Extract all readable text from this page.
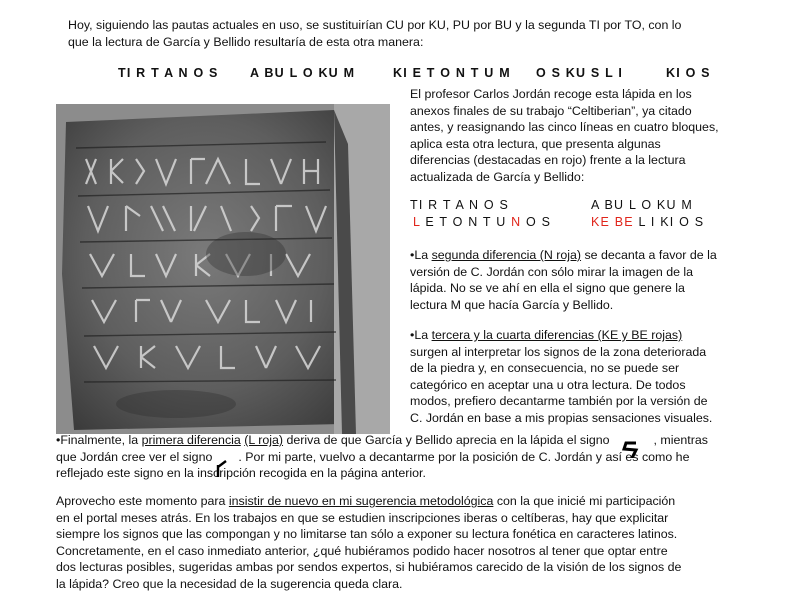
Hoy, siguiendo las pautas actuales en uso, se sustituirían CU por KU, PU por BU y la segunda TI por TO, con lo
que la lectura de García y Bellido resultaría de esta otra manera:
TI R T A N O S	A BU L O KU M	KI E T O N T U M O S KU S L I	KI O S
El profesor Carlos Jordán recoge esta lápida en los
anexos finales de su trabajo “Celtiberian”, ya citado
antes, y reasignando las cinco líneas en cuatro bloques,
aplica esta otra lectura, que presenta algunas
diferencias (destacadas en rojo) frente a la lectura
actualizada de García y Bellido:
TI R T A N O S	A BU L O KU M
L E T O N T U N O S	KE BE L I KI O S
•La segunda diferencia (N roja) se decanta a favor de la
versión de C. Jordán con sólo mirar la imagen de la
lápida. No se ve ahí en ella el signo que genere la
lectura M que hacía García y Bellido.
•La tercera y la cuarta diferencias (KE y BE rojas)
surgen al interpretar los signos de la zona deteriorada
de la piedra y, en consecuencia, no se puede ser
categórico en aceptar una u otra lectura. De todos
modos, prefiero decantarme también por la versión de
C. Jordán en base a mis propias sensaciones visuales.
•Finalmente, la primera diferencia (L roja) deriva de que García y Bellido aprecia en la lápida el signo	, mientras
que Jordán cree ver el signo . Por mi parte, vuelvo a decantarme por la posición de C. Jordán y así es como he
reflejado este signo en la inscripción recogida en la página anterior.
Aprovecho este momento para insistir de nuevo en mi sugerencia metodológica con la que inicié mi participación
en el portal meses atrás. En los trabajos en que se estudien inscripciones iberas o celtíberas, hay que explicitar
siempre los signos que las compongan y no limitarse tan sólo a exponer su lectura fonética en caracteres latinos.
Concretamente, en el caso inmediato anterior, ¿qué hubiéramos podido hacer nosotros al tener que optar entre
dos lecturas posibles, sugeridas ambas por sendos expertos, si hubiéramos carecido de la visión de los signos de
la lápida? Creo que la necesidad de la sugerencia queda clara.
